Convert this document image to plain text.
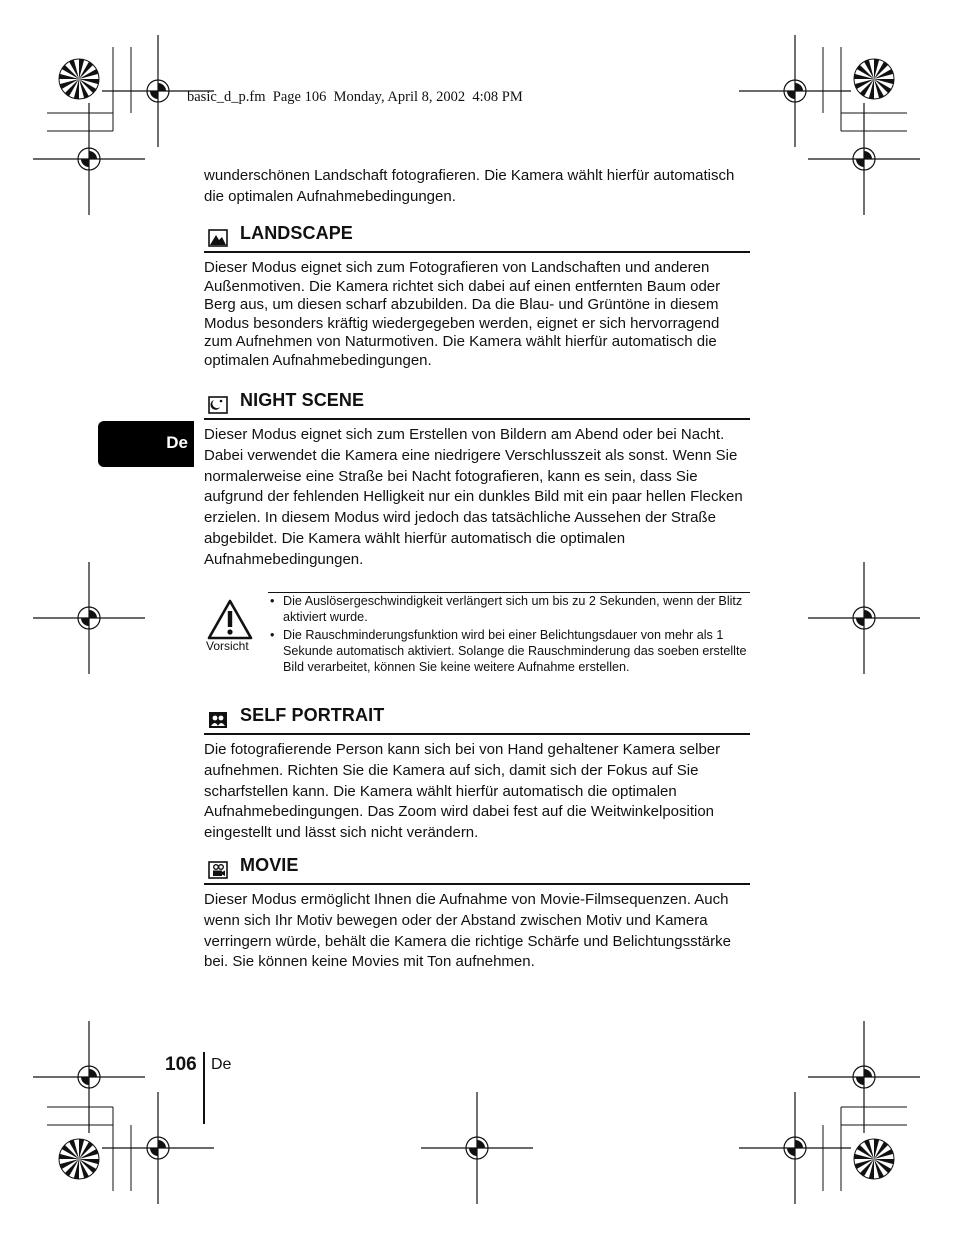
basic_d_p.fm  Page 106  Monday, April 8, 2002  4:08 PM

wunderschönen Landschaft fotografieren. Die Kamera wählt hierfür automatisch die optimalen Aufnahmebedingungen.

LANDSCAPE

Dieser Modus eignet sich zum Fotografieren von Landschaften und anderen Außenmotiven. Die Kamera richtet sich dabei auf einen entfernten Baum oder Berg aus, um diesen scharf abzubilden. Da die Blau- und Grüntöne in diesem Modus besonders kräftig wiedergegeben werden, eignet er sich hervorragend zum Aufnehmen von Naturmotiven. Die Kamera wählt hierfür automatisch die optimalen Aufnahmebedingungen.

NIGHT SCENE
De Dieser Modus eignet sich zum Erstellen von Bildern am Abend oder bei Nacht. Dabei verwendet die Kamera eine niedrigere Verschlusszeit als sonst. Wenn Sie normalerweise eine Straße bei Nacht fotografieren, kann es sein, dass Sie aufgrund der fehlenden Helligkeit nur ein dunkles Bild mit ein paar hellen Flecken erzielen. In diesem Modus wird jedoch das tatsächliche Aussehen der Straße abgebildet. Die Kamera wählt hierfür automatisch die optimalen Aufnahmebedingungen.

Vorsicht
• Die Auslösergeschwindigkeit verlängert sich um bis zu 2 Sekunden, wenn der Blitz aktiviert wurde.
• Die Rauschminderungsfunktion wird bei einer Belichtungsdauer von mehr als 1 Sekunde automatisch aktiviert. Solange die Rauschminderung das soeben erstellte Bild verarbeitet, können Sie keine weitere Aufnahme erstellen.
SELF PORTRAIT

Die fotografierende Person kann sich bei von Hand gehaltener Kamera selber aufnehmen. Richten Sie die Kamera auf sich, damit sich der Fokus auf Sie scharfstellen kann. Die Kamera wählt hierfür automatisch die optimalen Aufnahmebedingungen. Das Zoom wird dabei fest auf die Weitwinkelposition eingestellt und lässt sich nicht verändern.

MOVIE

Dieser Modus ermöglicht Ihnen die Aufnahme von Movie-Filmsequenzen. Auch wenn sich Ihr Motiv bewegen oder der Abstand zwischen Motiv und Kamera verringern würde, behält die Kamera die richtige Schärfe und Belichtungsstärke bei. Sie können keine Movies mit Ton aufnehmen.

106 De
